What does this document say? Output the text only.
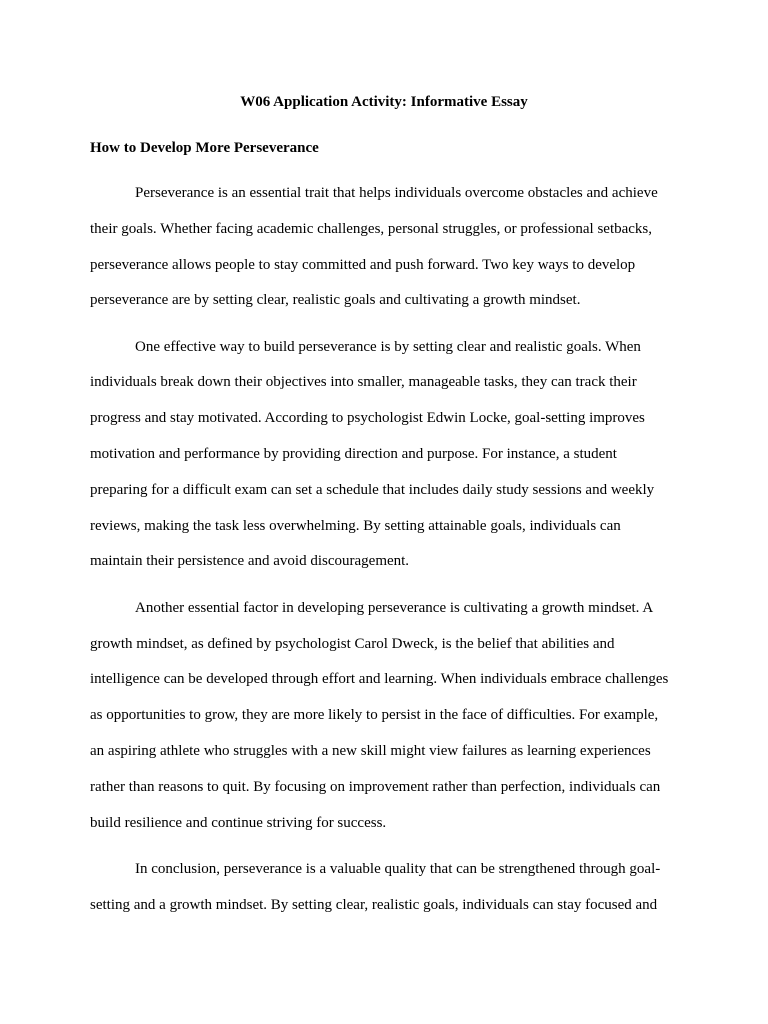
W06 Application Activity: Informative Essay
How to Develop More Perseverance
Perseverance is an essential trait that helps individuals overcome obstacles and achieve
their goals. Whether facing academic challenges, personal struggles, or professional setbacks,
perseverance allows people to stay committed and push forward. Two key ways to develop
perseverance are by setting clear, realistic goals and cultivating a growth mindset.
One effective way to build perseverance is by setting clear and realistic goals. When
individuals break down their objectives into smaller, manageable tasks, they can track their
progress and stay motivated. According to psychologist Edwin Locke, goal-setting improves
motivation and performance by providing direction and purpose. For instance, a student
preparing for a difficult exam can set a schedule that includes daily study sessions and weekly
reviews, making the task less overwhelming. By setting attainable goals, individuals can
maintain their persistence and avoid discouragement.
Another essential factor in developing perseverance is cultivating a growth mindset. A
growth mindset, as defined by psychologist Carol Dweck, is the belief that abilities and
intelligence can be developed through effort and learning. When individuals embrace challenges
as opportunities to grow, they are more likely to persist in the face of difficulties. For example,
an aspiring athlete who struggles with a new skill might view failures as learning experiences
rather than reasons to quit. By focusing on improvement rather than perfection, individuals can
build resilience and continue striving for success.
In conclusion, perseverance is a valuable quality that can be strengthened through goal-
setting and a growth mindset. By setting clear, realistic goals, individuals can stay focused and
